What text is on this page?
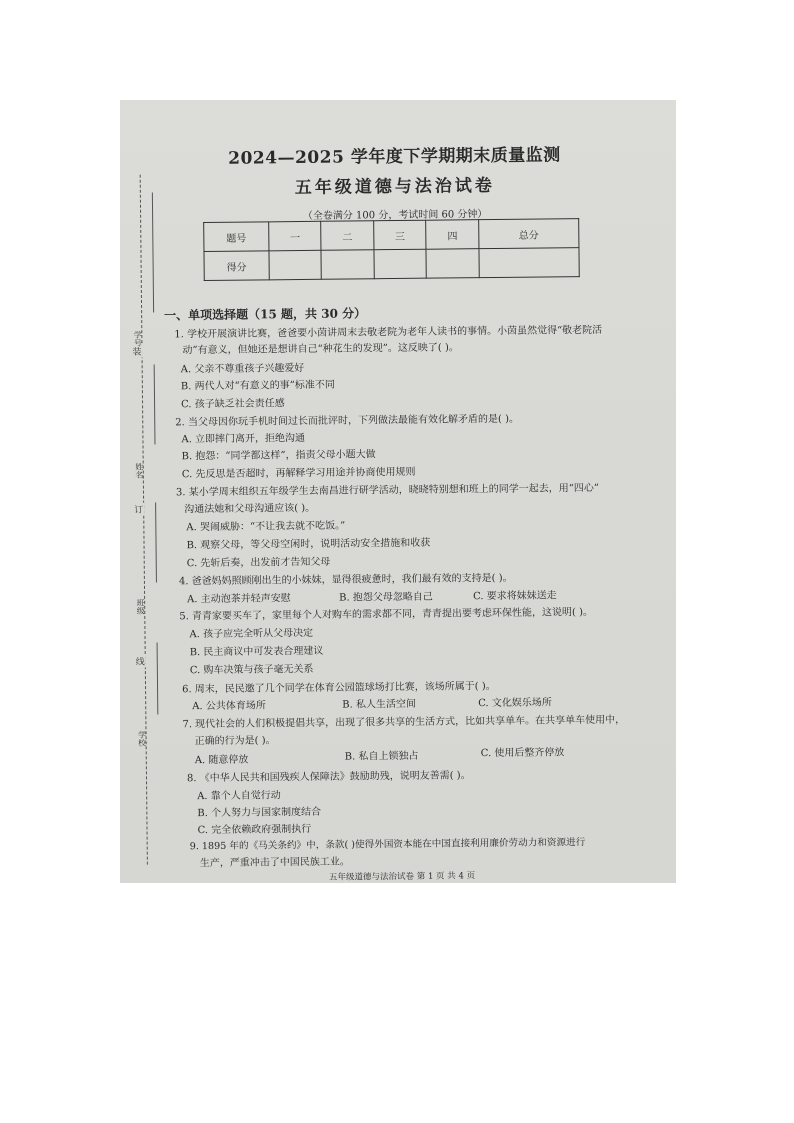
装
订
线
学号
姓名
班级
学校
2024—2025 学年度下学期期末质量监测
五年级道德与法治试卷
（全卷满分 100 分，考试时间 60 分钟）
题号	一	二	三	四	总分
得分					
一、单项选择题（15 题，共 30 分）
1. 学校开展演讲比赛，爸爸要小茵讲周末去敬老院为老年人读书的事情。小茵虽然觉得“敬老院活
动”有意义，但她还是想讲自己“种花生的发现”。这反映了( )。
A. 父亲不尊重孩子兴趣爱好
B. 两代人对“有意义的事”标准不同
C. 孩子缺乏社会责任感
2. 当父母因你玩手机时间过长而批评时，下列做法最能有效化解矛盾的是( )。
A. 立即摔门离开，拒绝沟通
B. 抱怨：“同学都这样”，指责父母小题大做
C. 先反思是否超时，再解释学习用途并协商使用规则
3. 某小学周末组织五年级学生去南昌进行研学活动，晓晓特别想和班上的同学一起去，用“四心”
沟通法她和父母沟通应该( )。
A. 哭闹威胁：“不让我去就不吃饭。”
B. 观察父母，等父母空闲时，说明活动安全措施和收获
C. 先斩后奏，出发前才告知父母
4. 爸爸妈妈照顾刚出生的小妹妹，显得很疲惫时，我们最有效的支持是( )。
A. 主动泡茶并轻声安慰	B. 抱怨父母忽略自己	C. 要求将妹妹送走
5. 青青家要买车了，家里每个人对购车的需求都不同，青青提出要考虑环保性能，这说明( )。
A. 孩子应完全听从父母决定
B. 民主商议中可发表合理建议
C. 购车决策与孩子毫无关系
6. 周末，民民邀了几个同学在体育公园篮球场打比赛，该场所属于( )。
A. 公共体育场所	B. 私人生活空间	C. 文化娱乐场所
7. 现代社会的人们积极提倡共享，出现了很多共享的生活方式，比如共享单车。在共享单车使用中，
正确的行为是( )。
A. 随意停放	B. 私自上锁独占	C. 使用后整齐停放
8. 《中华人民共和国残疾人保障法》鼓励助残，说明友善需( )。
A. 靠个人自觉行动
B. 个人努力与国家制度结合
C. 完全依赖政府强制执行
9. 1895 年的《马关条约》中，条款( )使得外国资本能在中国直接利用廉价劳动力和资源进行
生产，严重冲击了中国民族工业。
五年级道德与法治试卷 第 1 页 共 4 页
